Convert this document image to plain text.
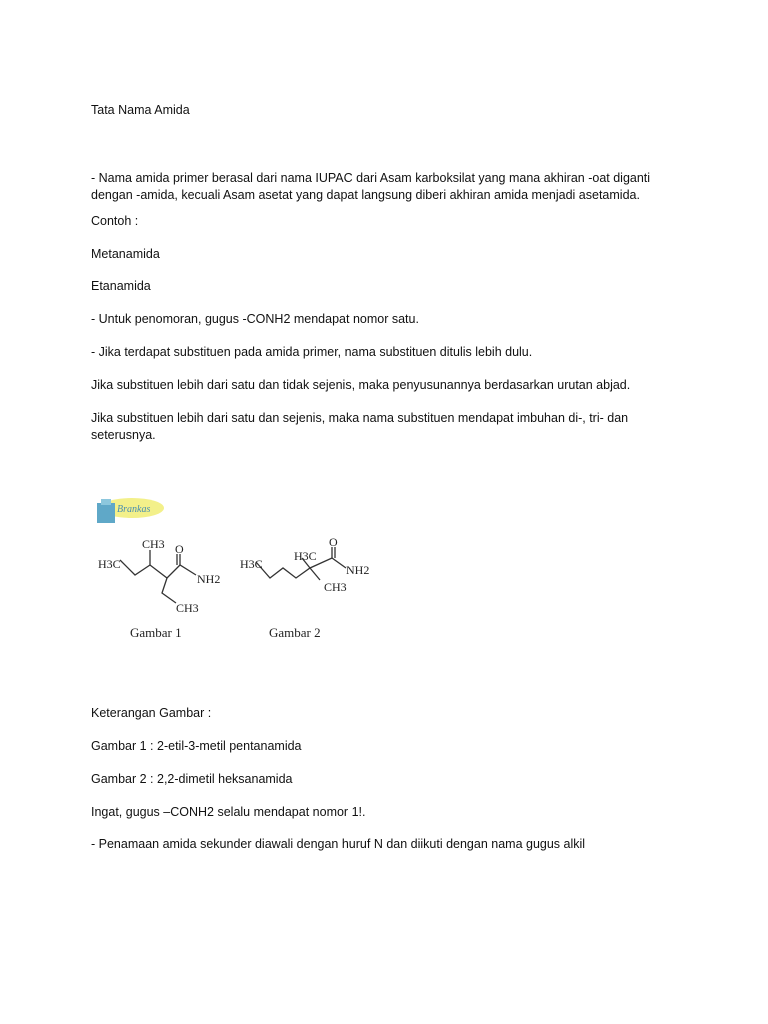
Tata Nama Amida
- Nama amida primer berasal dari nama IUPAC dari Asam karboksilat yang mana akhiran -oat diganti
dengan -amida, kecuali Asam asetat yang dapat langsung diberi akhiran amida menjadi asetamida.
Contoh :
Metanamida
Etanamida
- Untuk penomoran, gugus -CONH2 mendapat nomor satu.
- Jika terdapat substituen pada amida primer, nama substituen ditulis lebih dulu.
Jika substituen lebih dari satu dan tidak sejenis, maka penyusunannya berdasarkan urutan abjad.
Jika substituen lebih dari satu dan sejenis, maka nama substituen mendapat imbuhan di-, tri- dan
seterusnya.
Brankas
H3C
CH3 O
NH2
CH3
Gambar 1
H3C
H3C
O
NH2
CH3
Gambar 2
Keterangan Gambar :
Gambar 1 : 2-etil-3-metil pentanamida
Gambar 2 : 2,2-dimetil heksanamida
Ingat, gugus –CONH2 selalu mendapat nomor 1!.
- Penamaan amida sekunder diawali dengan huruf N dan diikuti dengan nama gugus alkil
